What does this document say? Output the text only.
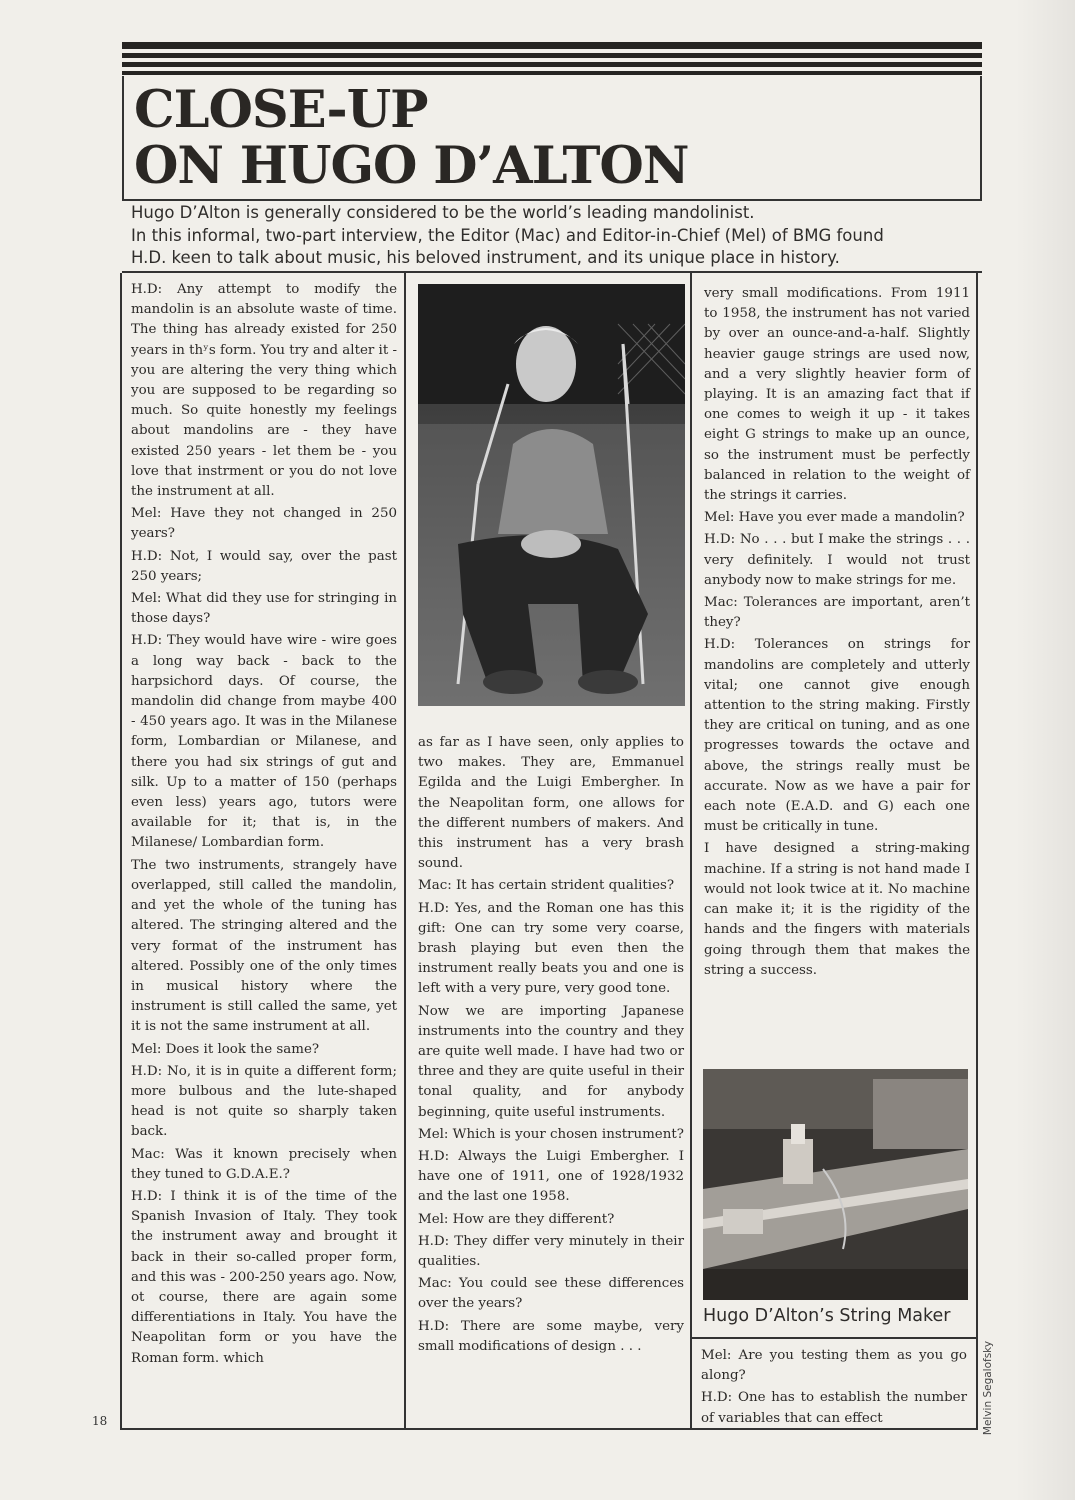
CLOSE-UP
ON HUGO D’ALTON
Hugo D’Alton is generally considered to be the world’s leading mandolinist.
In this informal, two-part interview, the Editor (Mac) and Editor-in-Chief (Mel) of BMG found
H.D. keen to talk about music, his beloved instrument, and its unique place in history.

H.D: Any attempt to modify the mandolin is an absolute waste of time. The thing has already existed for 250 years in thʸs form. You try and alter it - you are altering the very thing which you are supposed to be regarding so much. So quite honestly my feelings about mandolins are - they have existed 250 years - let them be - you love that instrment or you do not love the instrument at all.

Mel: Have they not changed in 250 years?

H.D: Not, I would say, over the past 250 years;

Mel: What did they use for stringing in those days?

H.D: They would have wire - wire goes a long way back - back to the harpsichord days. Of course, the mandolin did change from maybe 400 - 450 years ago. It was in the Milanese form, Lombardian or Milanese, and there you had six strings of gut and silk. Up to a matter of 150 (perhaps even less) years ago, tutors were available for it; that is, in the Milanese/ Lombardian form.

The two instruments, strangely have overlapped, still called the mandolin, and yet the whole of the tuning has altered. The stringing altered and the very format of the instrument has altered. Possibly one of the only times in musical history where the instrument is still called the same, yet it is not the same instrument at all.

Mel: Does it look the same?

H.D: No, it is in quite a different form; more bulbous and the lute-shaped head is not quite so sharply taken back.

Mac: Was it known precisely when they tuned to G.D.A.E.?

H.D: I think it is of the time of the Spanish Invasion of Italy. They took the instrument away and brought it back in their so-called proper form, and this was - 200-250 years ago. Now, ot course, there are again some differentiations in Italy. You have the Neapolitan form or you have the Roman form. which

as far as I have seen, only applies to two makes. They are, Emmanuel Egilda and the Luigi Embergher. In the Neapolitan form, one allows for the different numbers of makers. And this instrument has a very brash sound.

Mac: It has certain strident qualities?

H.D: Yes, and the Roman one has this gift: One can try some very coarse, brash playing but even then the instrument really beats you and one is left with a very pure, very good tone.

Now we are importing Japanese instruments into the country and they are quite well made. I have had two or three and they are quite useful in their tonal quality, and for anybody beginning, quite useful instruments.

Mel: Which is your chosen instrument?

H.D: Always the Luigi Embergher. I have one of 1911, one of 1928/1932 and the last one 1958.

Mel: How are they different?

H.D: They differ very minutely in their qualities.

Mac: You could see these differences over the years?

H.D: There are some maybe, very small modifications of design . . .

very small modifications. From 1911 to 1958, the instrument has not varied by over an ounce-and-a-half. Slightly heavier gauge strings are used now, and a very slightly heavier form of playing. It is an amazing fact that if one comes to weigh it up - it takes eight G strings to make up an ounce, so the instrument must be perfectly balanced in relation to the weight of the strings it carries.

Mel: Have you ever made a mandolin?

H.D: No . . . but I make the strings . . . very definitely. I would not trust anybody now to make strings for me.

Mac: Tolerances are important, aren’t they?

H.D: Tolerances on strings for mandolins are completely and utterly vital; one cannot give enough attention to the string making. Firstly they are critical on tuning, and as one progresses towards the octave and above, the strings really must be accurate. Now as we have a pair for each note (E.A.D. and G) each one must be critically in tune.

I have designed a string-making machine. If a string is not hand made I would not look twice at it. No machine can make it; it is the rigidity of the hands and the fingers with materials going through them that makes the string a success.

Hugo D’Alton’s String Maker

Mel: Are you testing them as you go along?

H.D: One has to establish the number of variables that can effect	Melvin Segalofsky
18
